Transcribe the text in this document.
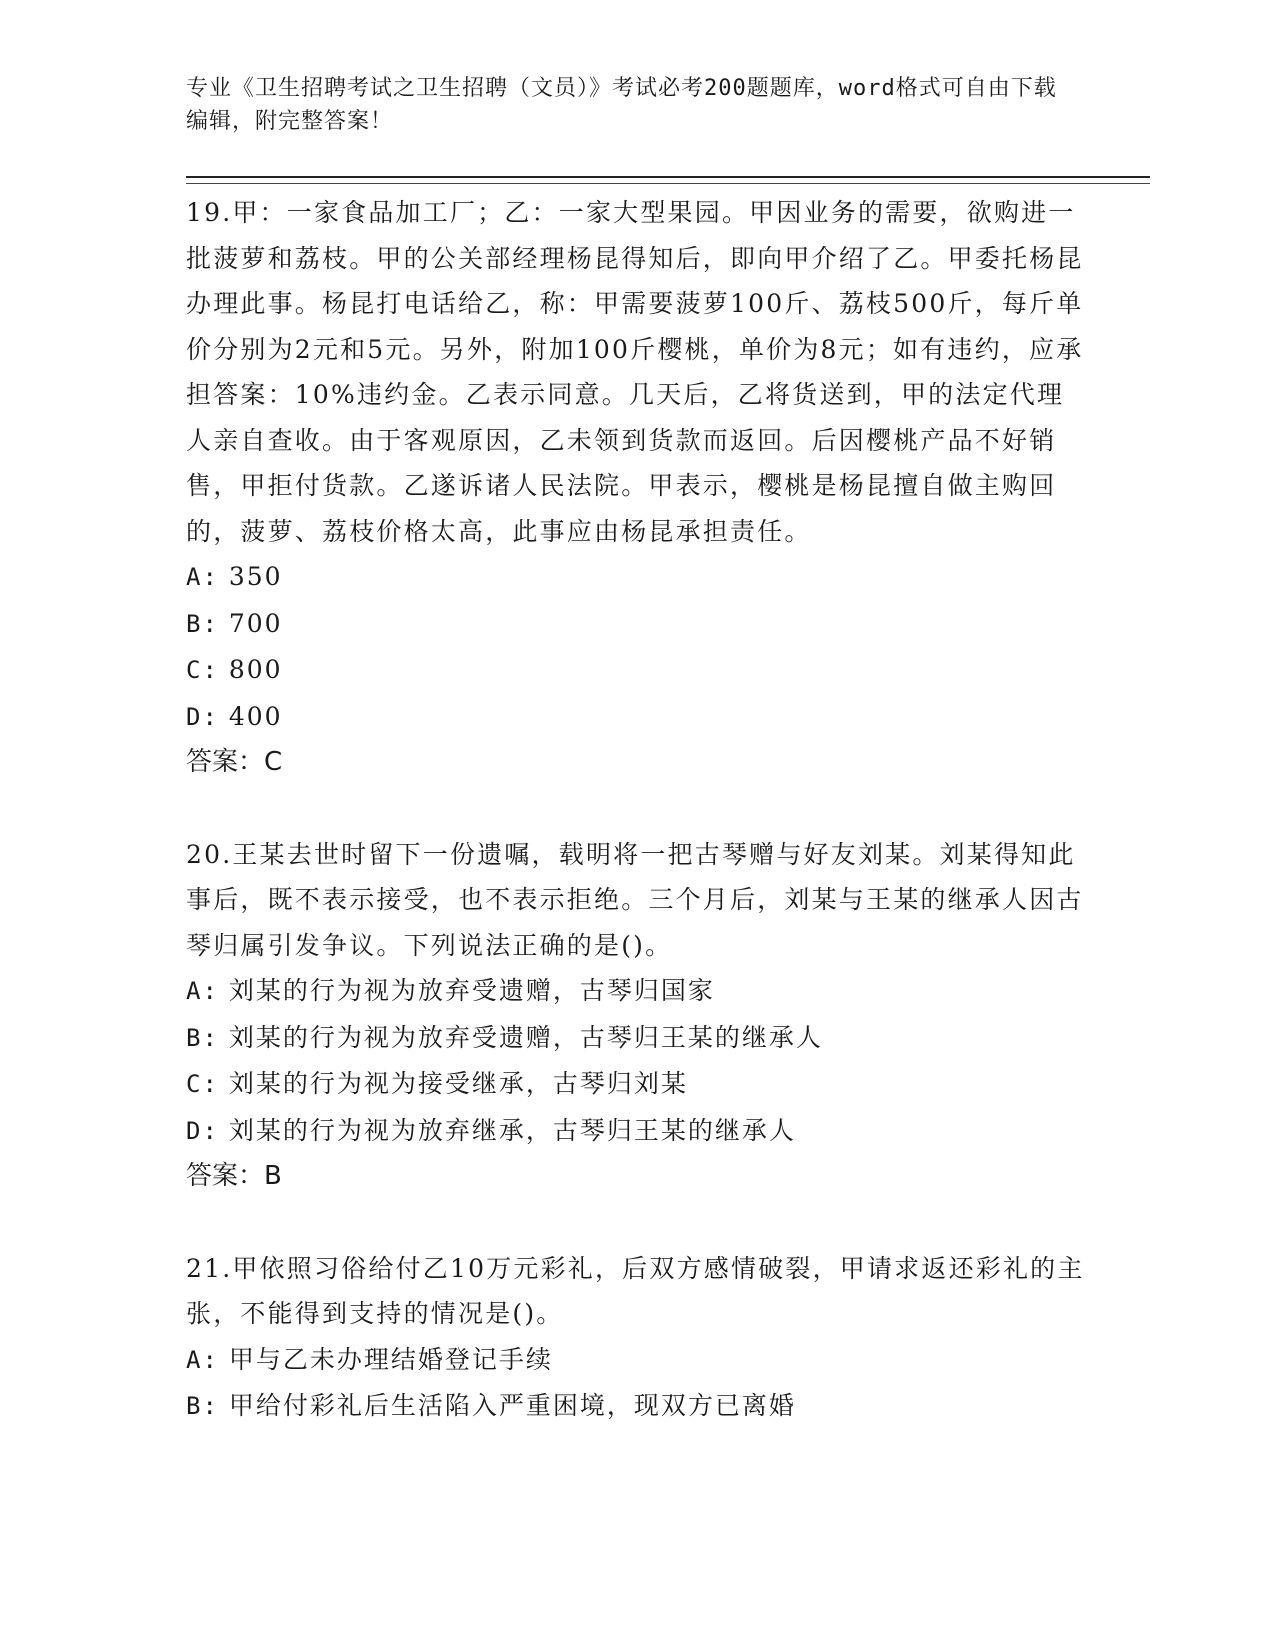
专业《卫生招聘考试之卫生招聘（文员）》考试必考200题题库，word格式可自由下载编辑，附完整答案！

19.甲：一家食品加工厂；乙：一家大型果园。甲因业务的需要，欲购进一批菠萝和荔枝。甲的公关部经理杨昆得知后，即向甲介绍了乙。甲委托杨昆办理此事。杨昆打电话给乙，称：甲需要菠萝100斤、荔枝500斤，每斤单价分别为2元和5元。另外，附加100斤樱桃，单价为8元；如有违约，应承担答案：10%违约金。乙表示同意。几天后，乙将货送到，甲的法定代理人亲自查收。由于客观原因，乙未领到货款而返回。后因樱桃产品不好销售，甲拒付货款。乙遂诉诸人民法院。甲表示，樱桃是杨昆擅自做主购回的，菠萝、荔枝价格太高，此事应由杨昆承担责任。

A: 350

B: 700

C: 800

D: 400

答案：C

20.王某去世时留下一份遗嘱，载明将一把古琴赠与好友刘某。刘某得知此事后，既不表示接受，也不表示拒绝。三个月后，刘某与王某的继承人因古琴归属引发争议。下列说法正确的是()。

A: 刘某的行为视为放弃受遗赠，古琴归国家

B: 刘某的行为视为放弃受遗赠，古琴归王某的继承人

C: 刘某的行为视为接受继承，古琴归刘某

D: 刘某的行为视为放弃继承，古琴归王某的继承人

答案：B

21.甲依照习俗给付乙10万元彩礼，后双方感情破裂，甲请求返还彩礼的主张，不能得到支持的情况是()。

A: 甲与乙未办理结婚登记手续

B: 甲给付彩礼后生活陷入严重困境，现双方已离婚
